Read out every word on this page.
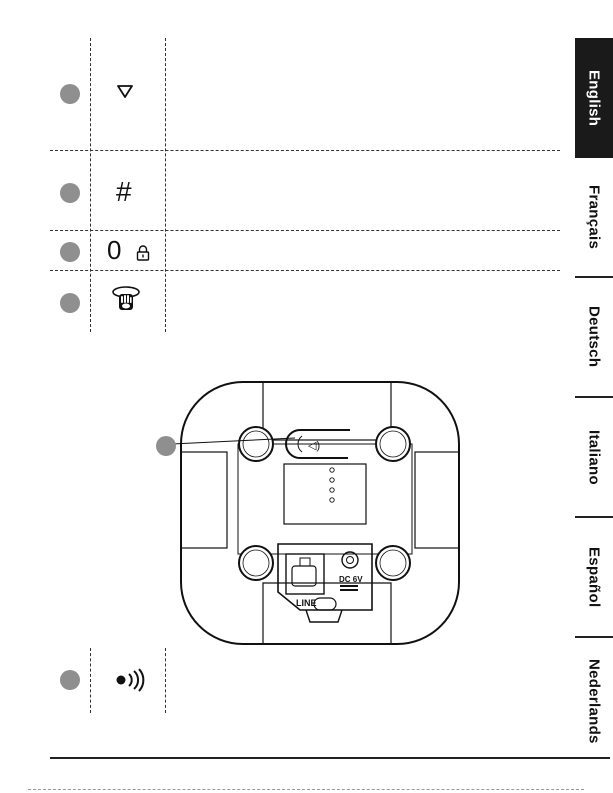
#
0
◁)
LINE
DC 6V
English
Français
Deutsch
Italiano
Español
Nederlands
